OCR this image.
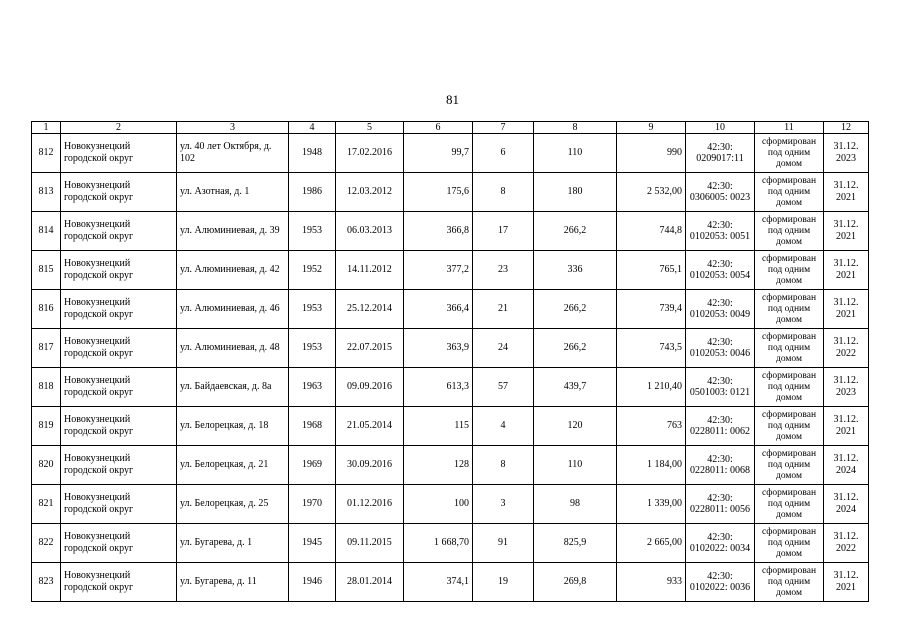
81
1	2	3	4	5	6	7	8	9	10	11	12
812	Новокузнецкий городской округ	ул. 40 лет Октября, д. 102	1948	17.02.2016	99,7	6	110	990	42:30: 0209017:11	сформирован под одним домом	31.12. 2023
813	Новокузнецкий городской округ	ул. Азотная, д. 1	1986	12.03.2012	175,6	8	180	2 532,00	42:30: 0306005: 0023	сформирован под одним домом	31.12. 2021
814	Новокузнецкий городской округ	ул. Алюминиевая, д. 39	1953	06.03.2013	366,8	17	266,2	744,8	42:30: 0102053: 0051	сформирован под одним домом	31.12. 2021
815	Новокузнецкий городской округ	ул. Алюминиевая, д. 42	1952	14.11.2012	377,2	23	336	765,1	42:30: 0102053: 0054	сформирован под одним домом	31.12. 2021
816	Новокузнецкий городской округ	ул. Алюминиевая, д. 46	1953	25.12.2014	366,4	21	266,2	739,4	42:30: 0102053: 0049	сформирован под одним домом	31.12. 2021
817	Новокузнецкий городской округ	ул. Алюминиевая, д. 48	1953	22.07.2015	363,9	24	266,2	743,5	42:30: 0102053: 0046	сформирован под одним домом	31.12. 2022
818	Новокузнецкий городской округ	ул. Байдаевская, д. 8а	1963	09.09.2016	613,3	57	439,7	1 210,40	42:30: 0501003: 0121	сформирован под одним домом	31.12. 2023
819	Новокузнецкий городской округ	ул. Белорецкая, д. 18	1968	21.05.2014	115	4	120	763	42:30: 0228011: 0062	сформирован под одним домом	31.12. 2021
820	Новокузнецкий городской округ	ул. Белорецкая, д. 21	1969	30.09.2016	128	8	110	1 184,00	42:30: 0228011: 0068	сформирован под одним домом	31.12. 2024
821	Новокузнецкий городской округ	ул. Белорецкая, д. 25	1970	01.12.2016	100	3	98	1 339,00	42:30: 0228011: 0056	сформирован под одним домом	31.12. 2024
822	Новокузнецкий городской округ	ул. Бугарева, д. 1	1945	09.11.2015	1 668,70	91	825,9	2 665,00	42:30: 0102022: 0034	сформирован под одним домом	31.12. 2022
823	Новокузнецкий городской округ	ул. Бугарева, д. 11	1946	28.01.2014	374,1	19	269,8	933	42:30: 0102022: 0036	сформирован под одним домом	31.12. 2021
